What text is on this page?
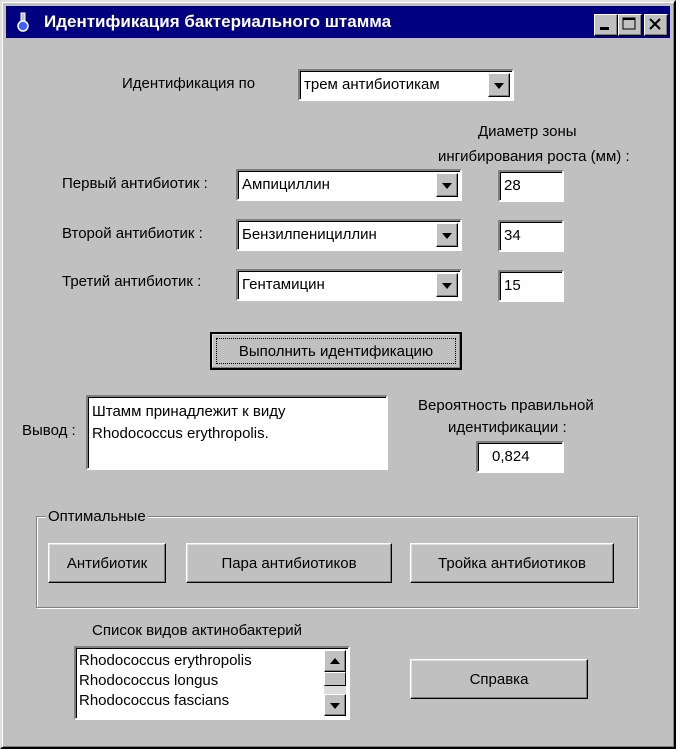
Идентификация бактериального штамма
Идентификация по	трем антибиотикам
Диаметр зоны
ингибирования роста (мм) :
Первый антибиотик : Ампициллин	28
Второй антибиотик :	Бензилпенициллин	34
Третий антибиотик :	Гентамицин	15
Выполнить идентификацию
Вывод :
Штамм принадлежит к виду
Rhodococcus erythropolis.
Вероятность правильной
идентификации :
0,824
Оптимальные
Антибиотик	Пара антибиотиков	Тройка антибиотиков
Список видов актинобактерий
Rhodococcus erythropolis
Rhodococcus longus
Rhodococcus fascians
Справка
